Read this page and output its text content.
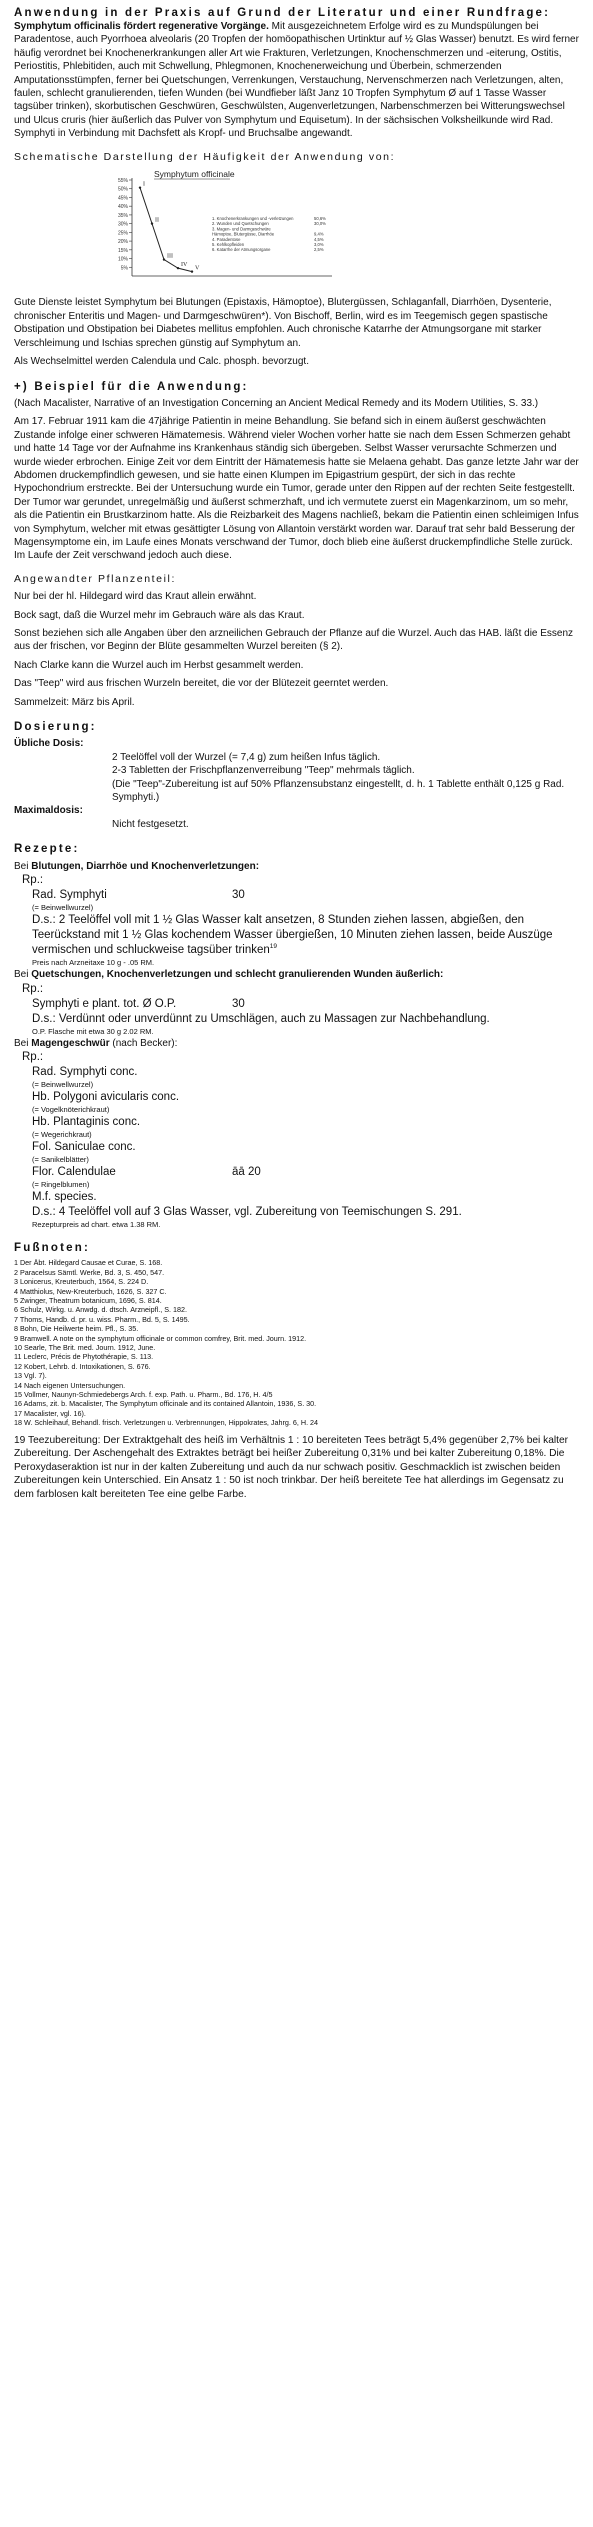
Anwendung in der Praxis auf Grund der Literatur und einer Rundfrage:

Symphytum officinalis fördert regenerative Vorgänge. Mit ausgezeichnetem Erfolge wird es zu Mundspülungen bei Paradentose, auch Pyorrhoea alveolaris (20 Tropfen der homöopathischen Urtinktur auf ½ Glas Wasser) benutzt. Es wird ferner häufig verordnet bei Knochenerkrankungen aller Art wie Frakturen, Verletzungen, Knochenschmerzen und -eiterung, Ostitis, Periostitis, Phlebitiden, auch mit Schwellung, Phlegmonen, Knochenerweichung und Überbein, schmerzenden Amputationsstümpfen, ferner bei Quetschungen, Verrenkungen, Verstauchung, Nervenschmerzen nach Verletzungen, alten, faulen, schlecht granulierenden, tiefen Wunden (bei Wundfieber läßt Janz 10 Tropfen Symphytum Ø auf 1 Tasse Wasser tagsüber trinken), skorbutischen Geschwüren, Geschwülsten, Augenverletzungen, Narbenschmerzen bei Witterungswechsel und Ulcus cruris (hier äußerlich das Pulver von Symphytum und Equisetum). In der sächsischen Volksheilkunde wird Rad. Symphyti in Verbindung mit Dachsfett als Kropf- und Bruchsalbe angewandt.

Schematische Darstellung der Häufigkeit der Anwendung von:
55%
50%
45%
40%
35%
30%
25%
20%
15%
10%
5%
Symphytum officinale
I
II
III
IV
V
1. Knochenerkrankungen und -verletzungen	50,6%
2. Wunden und Quetschungen	30,0%
3. Magen- und Darmgeschwüre
Hämoptoe, Blutergüsse, Diarrhöe	9,4%
4. Paradentose	4,5%
5. Kehlkopfleiden	3,0%
6. Katarrhe der Atmungsorgane	2,5%

Gute Dienste leistet Symphytum bei Blutungen (Epistaxis, Hämoptoe), Blutergüssen, Schlaganfall, Diarrhöen, Dysenterie, chronischer Enteritis und Magen- und Darmgeschwüren*). Von Bischoff, Berlin, wird es im Teegemisch gegen spastische Obstipation und Obstipation bei Diabetes mellitus empfohlen. Auch chronische Katarrhe der Atmungsorgane mit starker Verschleimung und Ischias sprechen günstig auf Symphytum an.

Als Wechselmittel werden Calendula und Calc. phosph. bevorzugt.

+) Beispiel für die Anwendung:

(Nach Macalister, Narrative of an Investigation Concerning an Ancient Medical Remedy and its Modern Utilities, S. 33.)

Am 17. Februar 1911 kam die 47jährige Patientin in meine Behandlung. Sie befand sich in einem äußerst geschwächten Zustande infolge einer schweren Hämatemesis. Während vieler Wochen vorher hatte sie nach dem Essen Schmerzen gehabt und hatte 14 Tage vor der Aufnahme ins Krankenhaus ständig sich übergeben. Selbst Wasser verursachte Schmerzen und wurde wieder erbrochen. Einige Zeit vor dem Eintritt der Hämatemesis hatte sie Melaena gehabt. Das ganze letzte Jahr war der Abdomen druckempfindlich gewesen, und sie hatte einen Klumpen im Epigastrium gespürt, der sich in das rechte Hypochondrium erstreckte. Bei der Untersuchung wurde ein Tumor, gerade unter den Rippen auf der rechten Seite festgestellt. Der Tumor war gerundet, unregelmäßig und äußerst schmerzhaft, und ich vermutete zuerst ein Magenkarzinom, um so mehr, als die Patientin ein Brustkarzinom hatte. Als die Reizbarkeit des Magens nachließ, bekam die Patientin einen schleimigen Infus von Symphytum, welcher mit etwas gesättigter Lösung von Allantoin verstärkt worden war. Darauf trat sehr bald Besserung der Magensymptome ein, im Laufe eines Monats verschwand der Tumor, doch blieb eine äußerst druckempfindliche Stelle zurück. Im Laufe der Zeit verschwand jedoch auch diese.

Angewandter Pflanzenteil:

Nur bei der hl. Hildegard wird das Kraut allein erwähnt.

Bock sagt, daß die Wurzel mehr im Gebrauch wäre als das Kraut.

Sonst beziehen sich alle Angaben über den arzneilichen Gebrauch der Pflanze auf die Wurzel. Auch das HAB. läßt die Essenz aus der frischen, vor Beginn der Blüte gesammelten Wurzel bereiten (§ 2).

Nach Clarke kann die Wurzel auch im Herbst gesammelt werden.

Das "Teep" wird aus frischen Wurzeln bereitet, die vor der Blütezeit geerntet werden.

Sammelzeit: März bis April.

Dosierung:
Übliche Dosis:
2 Teelöffel voll der Wurzel (= 7,4 g) zum heißen Infus täglich.
2-3 Tabletten der Frischpflanzenverreibung "Teep" mehrmals täglich.
(Die "Teep"-Zubereitung ist auf 50% Pflanzensubstanz eingestellt, d. h. 1 Tablette enthält 0,125 g Rad. Symphyti.)
Maximaldosis:
Nicht festgesetzt.
Rezepte:
Bei Blutungen, Diarrhöe und Knochenverletzungen:
Rp.:
Rad. Symphyti	30
(= Beinwellwurzel)
D.s.: 2 Teelöffel voll mit 1 ½ Glas Wasser kalt ansetzen, 8 Stunden ziehen lassen, abgießen, den Teerückstand mit 1 ½ Glas kochendem Wasser übergießen, 10 Minuten ziehen lassen, beide Auszüge vermischen und schluckweise tagsüber trinken$^{19}$
Preis nach Arzneitaxe 10 g - .05 RM.
Bei Quetschungen, Knochenverletzungen und schlecht granulierenden Wunden äußerlich:
Rp.:
Symphyti e plant. tot. Ø O.P.	30
D.s.: Verdünnt oder unverdünnt zu Umschlägen, auch zu Massagen zur Nachbehandlung.
O.P. Flasche mit etwa 30 g 2.02 RM.
Bei Magengeschwür (nach Becker):
Rp.:
Rad. Symphyti conc.
(= Beinwellwurzel)
Hb. Polygoni avicularis conc.
(= Vogelknöterichkraut)
Hb. Plantaginis conc.
(= Wegerichkraut)
Fol. Saniculae conc.
(= Sanikelblätter)
Flor. Calendulae	āā 20
(= Ringelblumen)
M.f. species.
D.s.: 4 Teelöffel voll auf 3 Glas Wasser, vgl. Zubereitung von Teemischungen S. 291.
Rezepturpreis ad chart. etwa 1.38 RM.
Fußnoten:
1 Der Äbt. Hildegard Causae et Curae, S. 168.
2 Paracelsus Sämtl. Werke, Bd. 3, S. 450, 547.
3 Lonicerus, Kreuterbuch, 1564, S. 224 D.
4 Matthiolus, New-Kreuterbuch, 1626, S. 327 C.
5 Zwinger, Theatrum botanicum, 1696, S. 814.
6 Schulz, Wirkg. u. Anwdg. d. dtsch. Arzneipfl., S. 182.
7 Thoms, Handb. d. pr. u. wiss. Pharm., Bd. 5, S. 1495.
8 Bohn, Die Heilwerte heim. Pfl., S. 35.
9 Bramwell. A note on the symphytum officinale or common comfrey, Brit. med. Journ. 1912.
10 Searle, The Brit. med. Journ. 1912, June.
11 Leclerc, Précis de Phytothérapie, S. 113.
12 Kobert, Lehrb. d. Intoxikationen, S. 676.
13 Vgl. 7).
14 Nach eigenen Untersuchungen.
15 Vollmer, Naunyn-Schmiedebergs Arch. f. exp. Path. u. Pharm., Bd. 176, H. 4/5
16 Adams, zit. b. Macalister, The Symphytum officinale and its contained Allantoin, 1936, S. 30.
17 Macalister, vgl. 16).
18 W. Schleihauf, Behandl. frisch. Verletzungen u. Verbrennungen, Hippokrates, Jahrg. 6, H. 24
19 Teezubereitung: Der Extraktgehalt des heiß im Verhältnis 1 : 10 bereiteten Tees beträgt 5,4% gegenüber 2,7% bei kalter Zubereitung. Der Aschengehalt des Extraktes beträgt bei heißer Zubereitung 0,31% und bei kalter Zubereitung 0,18%. Die Peroxydaseraktion ist nur in der kalten Zubereitung und auch da nur schwach positiv. Geschmacklich ist zwischen beiden Zubereitungen kein Unterschied. Ein Ansatz 1 : 50 ist noch trinkbar. Der heiß bereitete Tee hat allerdings im Gegensatz zu dem farblosen kalt bereiteten Tee eine gelbe Farbe.
